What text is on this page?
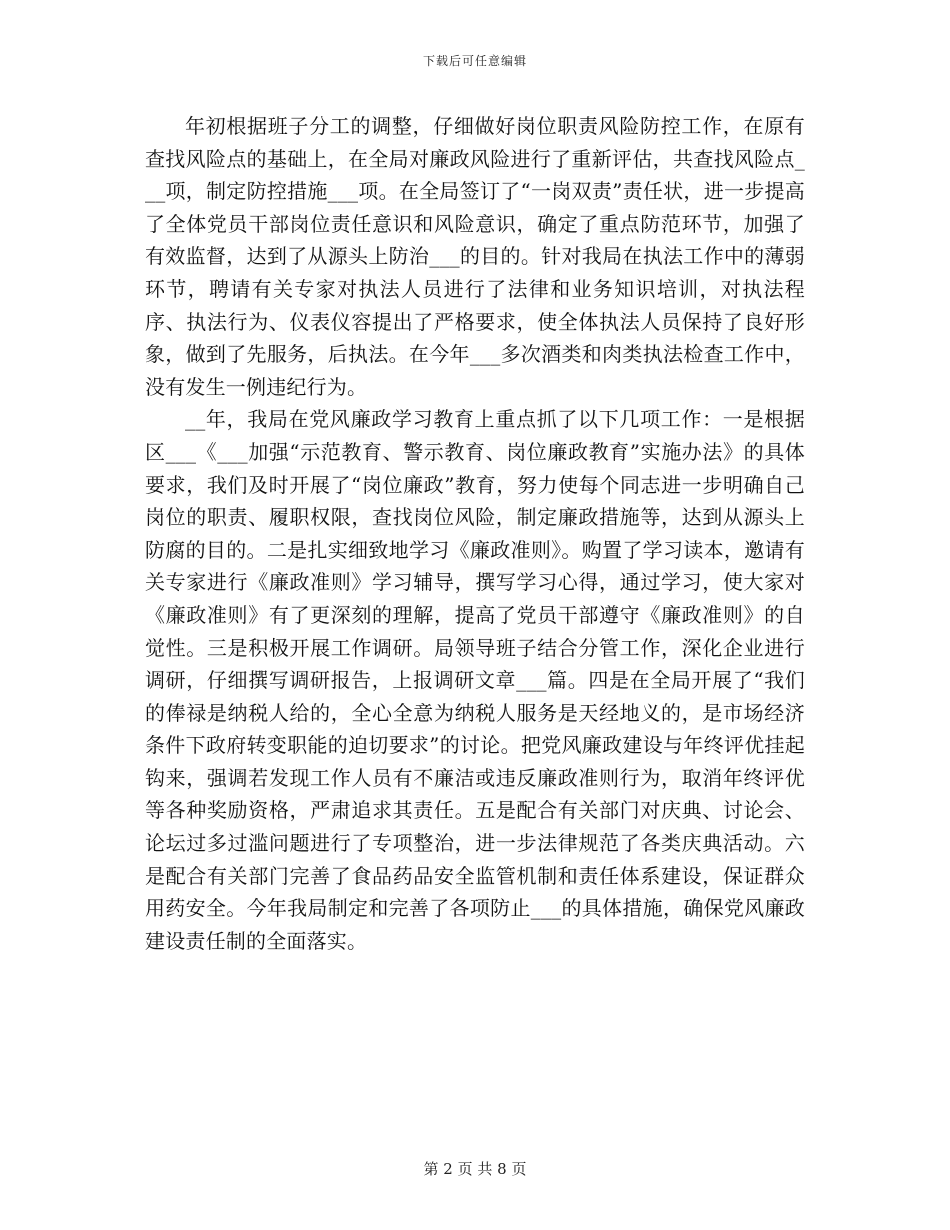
下载后可任意编辑

年初根据班子分工的调整，仔细做好岗位职责风险防控工作，在原有查找风险点的基础上，在全局对廉政风险进行了重新评估，共查找风险点___项，制定防控措施___项。在全局签订了“一岗双责”责任状，进一步提高了全体党员干部岗位责任意识和风险意识，确定了重点防范环节，加强了有效监督，达到了从源头上防治___的目的。针对我局在执法工作中的薄弱环节，聘请有关专家对执法人员进行了法律和业务知识培训，对执法程序、执法行为、仪表仪容提出了严格要求，使全体执法人员保持了良好形象，做到了先服务，后执法。在今年___多次酒类和肉类执法检查工作中，没有发生一例违纪行为。

__年，我局在党风廉政学习教育上重点抓了以下几项工作：一是根据区___《___加强“示范教育、警示教育、岗位廉政教育”实施办法》的具体要求，我们及时开展了“岗位廉政”教育，努力使每个同志进一步明确自己岗位的职责、履职权限，查找岗位风险，制定廉政措施等，达到从源头上防腐的目的。二是扎实细致地学习《廉政准则》。购置了学习读本，邀请有关专家进行《廉政准则》学习辅导，撰写学习心得，通过学习，使大家对《廉政准则》有了更深刻的理解，提高了党员干部遵守《廉政准则》的自觉性。三是积极开展工作调研。局领导班子结合分管工作，深化企业进行调研，仔细撰写调研报告，上报调研文章___篇。四是在全局开展了“我们的俸禄是纳税人给的，全心全意为纳税人服务是天经地义的，是市场经济条件下政府转变职能的迫切要求”的讨论。把党风廉政建设与年终评优挂起钩来，强调若发现工作人员有不廉洁或违反廉政准则行为，取消年终评优等各种奖励资格，严肃追求其责任。五是配合有关部门对庆典、讨论会、论坛过多过滥问题进行了专项整治，进一步法律规范了各类庆典活动。六是配合有关部门完善了食品药品安全监管机制和责任体系建设，保证群众用药安全。今年我局制定和完善了各项防止___的具体措施，确保党风廉政建设责任制的全面落实。

第 2 页 共 8 页
